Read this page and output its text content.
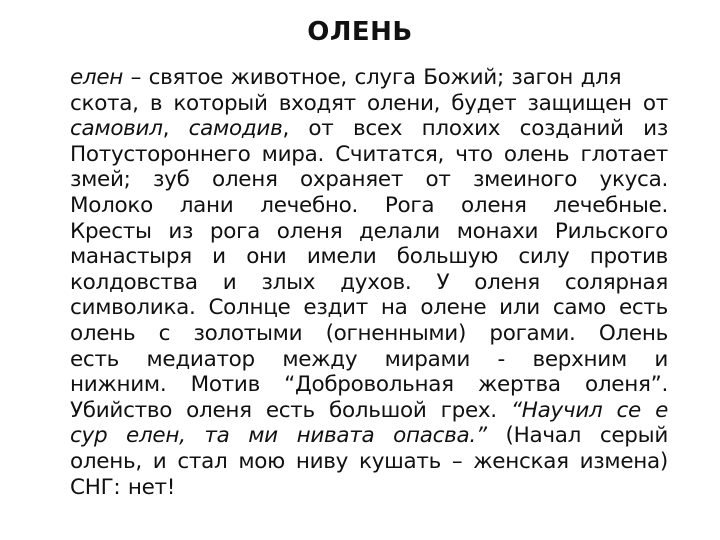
ОЛЕНЬ
елен – святое животное, слуга Божий; загон для
скота, в который входят олени, будет защищен от
самовил, самодив, от всех плохих созданий из
Потустороннего мира. Считатся, что олень глотает
змей; зуб оленя охраняет от змеиного укуса.
Молоко лани лечебно. Рога оленя лечебные.
Кресты из рога оленя делали монахи Рильского
манастыря и они имели большую силу против
колдовства и злых духов. У оленя солярная
символика. Солнце ездит на олене или само есть
олень с золотыми (огненными) рогами. Олень
есть медиатор между мирами - верхним и
нижним. Мотив “Добровольная жертва оленя”.
Убийство оленя есть большой грех. “Научил се е
сур елен, та ми нивата опасва.” (Начал серый
олень, и стал мою ниву кушать – женская измена)
СНГ: нет!
